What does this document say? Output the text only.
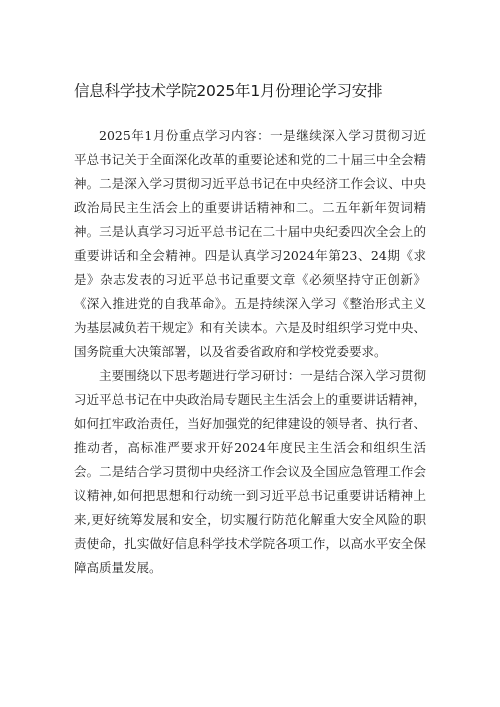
信息科学技术学院2025年1月份理论学习安排

2025年1月份重点学习内容：一是继续深入学习贯彻习近平总书记关于全面深化改革的重要论述和党的二十届三中全会精神。二是深入学习贯彻习近平总书记在中央经济工作会议、中央政治局民主生活会上的重要讲话精神和二。二五年新年贺词精神。三是认真学习习近平总书记在二十届中央纪委四次全会上的重要讲话和全会精神。四是认真学习2024年第23、24期《求是》杂志发表的习近平总书记重要文章《必须坚持守正创新》《深入推进党的自我革命》。五是持续深入学习《整治形式主义为基层减负若干规定》和有关读本。六是及时组织学习党中央、国务院重大决策部署，以及省委省政府和学校党委要求。

主要围绕以下思考题进行学习研讨：一是结合深入学习贯彻习近平总书记在中央政治局专题民主生活会上的重要讲话精神，如何扛牢政治责任，当好加强党的纪律建设的领导者、执行者、推动者，高标准严要求开好2024年度民主生活会和组织生活会。二是结合学习贯彻中央经济工作会议及全国应急管理工作会议精神,如何把思想和行动统一到习近平总书记重要讲话精神上来,更好统筹发展和安全，切实履行防范化解重大安全风险的职责使命，扎实做好信息科学技术学院各项工作，以高水平安全保障高质量发展。
